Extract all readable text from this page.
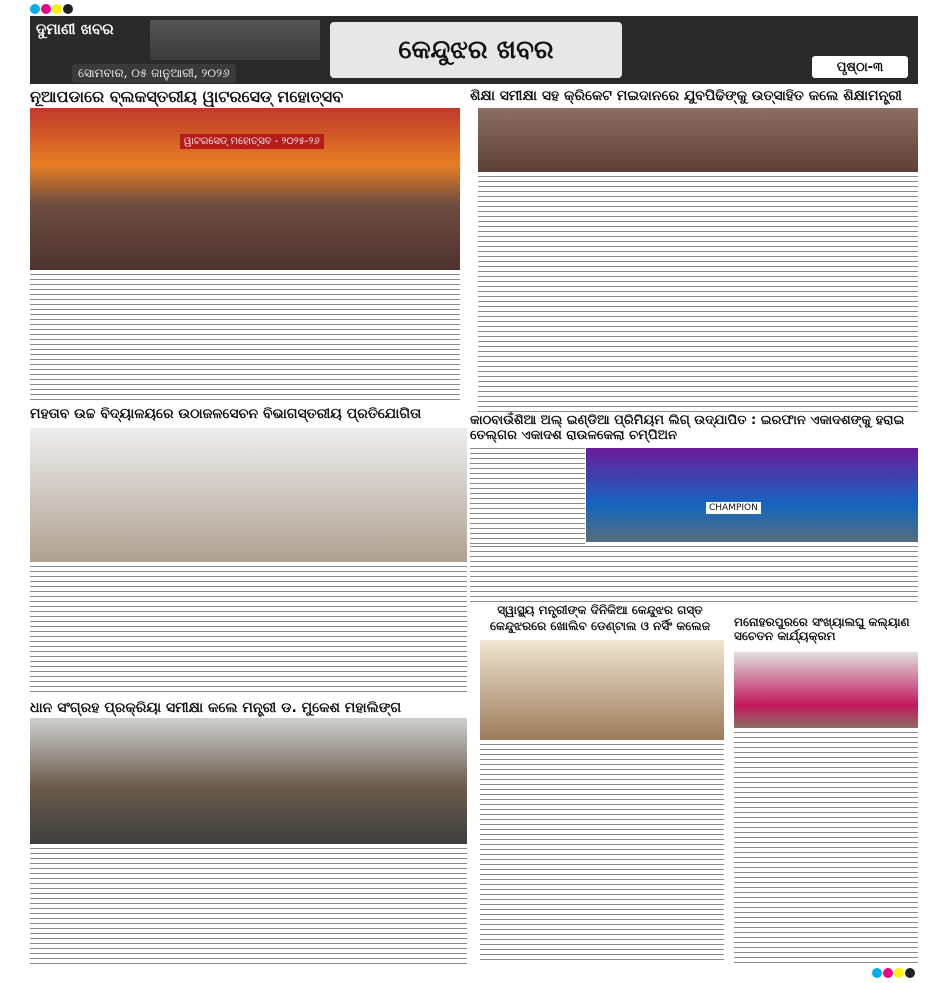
ଦୁମାଣୀ ଖବର
ସୋମବାର, ୦୫ ଜାନୁଆରୀ, ୨୦୨୬
କେନ୍ଦୁଝର ଖବର
ପୃଷ୍ଠା-୩
ନୂଆପଡାରେ ବ୍ଲକସ୍ତରୀୟ ୱାଟରସେଡ୍ ମହୋତ୍ସବ	ଶିକ୍ଷା ସମୀକ୍ଷା ସହ କ୍ରିକେଟ ମଇଦାନରେ ଯୁବପିଢିଙ୍କୁ ଉତ୍ସାହିତ କଲେ ଶିକ୍ଷାମନ୍ତ୍ରୀ
ୱାଟରସେଡ୍ ମହୋତ୍ସବ - ୨୦୨୫-୨୬
ମହତାବ ଉଚ୍ଚ ବିଦ୍ୟାଳୟରେ ଉଠାଜଳସେଚନ ବିଭାଗସ୍ତରୀୟ ପ୍ରତିଯୋଗିତା	କାଠବାଉଁଶିଆ ଅଲ୍ ଇଣ୍ଡିଆ ପ୍ରିମିୟମ ଲିଗ୍ ଉଦ୍ଯାପିତ : ଇରଫାନ ଏକାଦଶଙ୍କୁ ହରାଇ ତେଲ୍ଗର ଏକାଦଶ ରାଉଳକେଲା ଚମ୍ପିଅନ
CHAMPION
ସ୍ୱାସ୍ଥ୍ୟ ମନ୍ତ୍ରୀଙ୍କ ଦିନିକିଆ କେନ୍ଦୁଝର ଗସ୍ତ
କେନ୍ଦୁଝରରେ ଖୋଲିବ ଡେଣ୍ଟାଲ ଓ ନର୍ସିଂ କଲେଜ	ମନୋହରପୁରରେ ସଂଖ୍ୟାଲଘୁ କଲ୍ୟାଣ ସଚେତନ କାର୍ଯ୍ୟକ୍ରମ
ଧାନ ସଂଗ୍ରହ ପ୍ରକ୍ରିୟା ସମୀକ୍ଷା କଲେ ମନ୍ତ୍ରୀ ଡ. ମୁକେଶ ମହାଲିଙ୍ଗ
